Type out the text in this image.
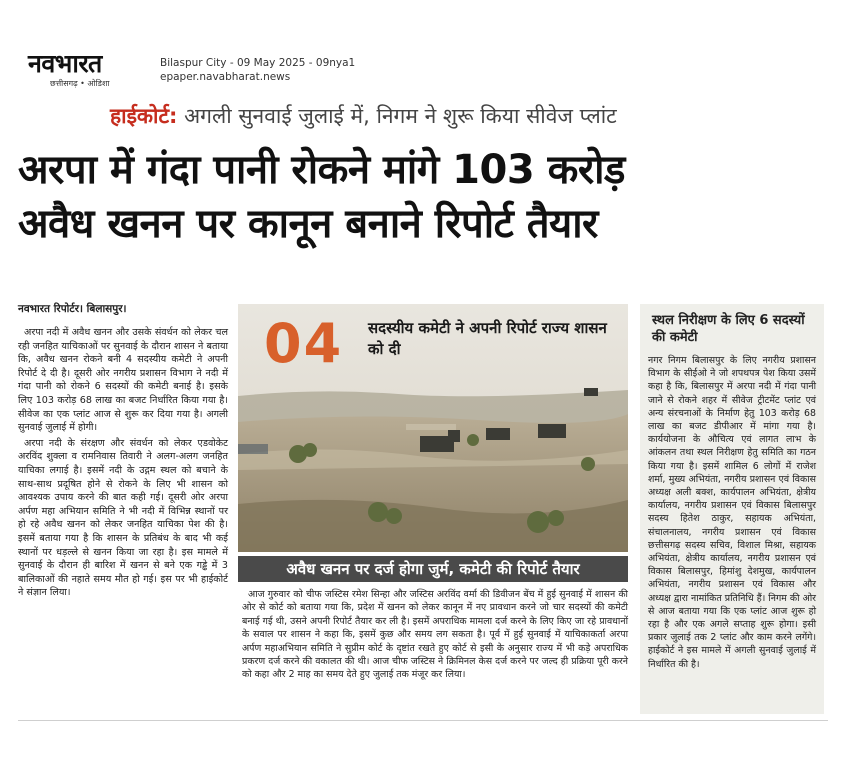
नवभारत
छत्तीसगढ़ • ओडिशा
Bilaspur City - 09 May 2025 - 09nya1
epaper.navabharat.news
हाईकोर्ट: अगली सुनवाई जुलाई में, निगम ने शुरू किया सीवेज प्लांट
अरपा में गंदा पानी रोकने मांगे 103 करोड़
अवैध खनन पर कानून बनाने रिपोर्ट तैयार
नवभारत रिपोर्टर। बिलासपुर।

अरपा नदी में अवैध खनन और उसके संवर्धन को लेकर चल रही जनहित याचिकाओं पर सुनवाई के दौरान शासन ने बताया कि, अवैध खनन रोकने बनी 4 सदस्यीय कमेटी ने अपनी रिपोर्ट दे दी है। दूसरी ओर नगरीय प्रशासन विभाग ने नदी में गंदा पानी को रोकने 6 सदस्यों की कमेटी बनाई है। इसके लिए 103 करोड़ 68 लाख का बजट निर्धारित किया गया है। सीवेज का एक प्लांट आज से शुरू कर दिया गया है। अगली सुनवाई जुलाई में होगी।

अरपा नदी के संरक्षण और संवर्धन को लेकर एडवोकेट अरविंद शुक्ला व रामनिवास तिवारी ने अलग-अलग जनहित याचिका लगाई है। इसमें नदी के उद्गम स्थल को बचाने के साथ-साथ प्रदूषित होने से रोकने के लिए भी शासन को आवश्यक उपाय करने की बात कही गई। दूसरी ओर अरपा अर्पण महा अभियान समिति ने भी नदी में विभिन्न स्थानों पर हो रहे अवैध खनन को लेकर जनहित याचिका पेश की है। इसमें बताया गया है कि शासन के प्रतिबंध के बाद भी कई स्थानों पर धड़ल्ले से खनन किया जा रहा है। इस मामले में सुनवाई के दौरान ही बारिश में खनन से बने एक गड्ढे में 3 बालिकाओं की नहाते समय मौत हो गई। इस पर भी हाईकोर्ट ने संज्ञान लिया।

04 सदस्यीय कमेटी ने अपनी रिपोर्ट राज्य शासन को दी
अवैध खनन पर दर्ज होगा जुर्म, कमेटी की रिपोर्ट तैयार

आज गुरुवार को चीफ जस्टिस रमेश सिन्हा और जस्टिस अरविंद वर्मा की डिवीजन बेंच में हुई सुनवाई में शासन की ओर से कोर्ट को बताया गया कि, प्रदेश में खनन को लेकर कानून में नए प्रावधान करने जो चार सदस्यों की कमेटी बनाई गई थी, उसने अपनी रिपोर्ट तैयार कर ली है। इसमें अपराधिक मामला दर्ज करने के लिए किए जा रहे प्रावधानों के सवाल पर शासन ने कहा कि, इसमें कुछ और समय लग सकता है। पूर्व में हुई सुनवाई में याचिकाकर्ता अरपा अर्पण महाअभियान समिति ने सुप्रीम कोर्ट के दृष्टांत रखते हुए कोर्ट से इसी के अनुसार राज्य में भी कड़े अपराधिक प्रकरण दर्ज करने की वकालत की थी। आज चीफ जस्टिस ने क्रिमिनल केस दर्ज करने पर जल्द ही प्रक्रिया पूरी करने को कहा और 2 माह का समय देते हुए जुलाई तक मंजूर कर लिया।

स्थल निरीक्षण के लिए 6 सदस्यों की कमेटी
नगर निगम बिलासपुर के लिए नगरीय प्रशासन विभाग के सीईओ ने जो शपथपत्र पेश किया उसमें कहा है कि, बिलासपुर में अरपा नदी में गंदा पानी जाने से रोकने शहर में सीवेज ट्रीटमेंट प्लांट एवं अन्य संरचनाओं के निर्माण हेतु 103 करोड़ 68 लाख का बजट डीपीआर में मांगा गया है। कार्ययोजना के औचित्य एवं लागत लाभ के आंकलन तथा स्थल निरीक्षण हेतु समिति का गठन किया गया है। इसमें शामिल 6 लोगों में राजेश शर्मा, मुख्य अभियंता, नगरीय प्रशासन एवं विकास अध्यक्ष अली बक्श, कार्यपालन अभियंता, क्षेत्रीय कार्यालय, नगरीय प्रशासन एवं विकास बिलासपुर सदस्य हितेश ठाकुर, सहायक अभियंता, संचालनालय, नगरीय प्रशासन एवं विकास छत्तीसगढ़ सदस्य सचिव, विशाल मिश्रा, सहायक अभियंता, क्षेत्रीय कार्यालय, नगरीय प्रशासन एवं विकास बिलासपुर, हिमांशु देशमुख, कार्यपालन अभियंता, नगरीय प्रशासन एवं विकास और अध्यक्ष द्वारा नामांकित प्रतिनिधि हैं। निगम की ओर से आज बताया गया कि एक प्लांट आज शुरू हो रहा है और एक अगले सप्ताह शुरू होगा। इसी प्रकार जुलाई तक 2 प्लांट और काम करने लगेंगे। हाईकोर्ट ने इस मामले में अगली सुनवाई जुलाई में निर्धारित की है।
